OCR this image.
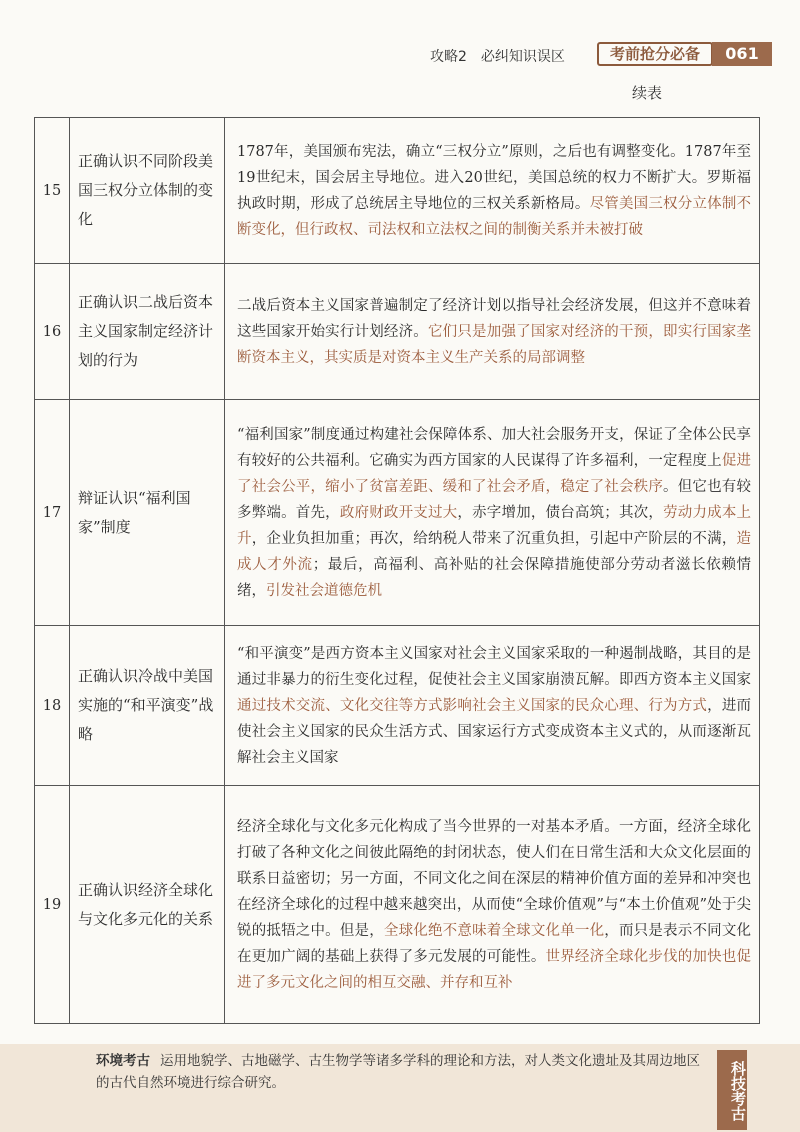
攻略2　必纠知识误区	考前抢分必备	061
续表
15	正确认识不同阶段美国三权分立体制的变化	1787年，美国颁布宪法，确立“三权分立”原则，之后也有调整变化。1787年至19世纪末，国会居主导地位。进入20世纪，美国总统的权力不断扩大。罗斯福执政时期，形成了总统居主导地位的三权关系新格局。尽管美国三权分立体制不断变化，但行政权、司法权和立法权之间的制衡关系并未被打破
16	正确认识二战后资本主义国家制定经济计划的行为	二战后资本主义国家普遍制定了经济计划以指导社会经济发展，但这并不意味着这些国家开始实行计划经济。它们只是加强了国家对经济的干预，即实行国家垄断资本主义，其实质是对资本主义生产关系的局部调整
17	辩证认识“福利国家”制度	“福利国家”制度通过构建社会保障体系、加大社会服务开支，保证了全体公民享有较好的公共福利。它确实为西方国家的人民谋得了许多福利，一定程度上促进了社会公平，缩小了贫富差距、缓和了社会矛盾，稳定了社会秩序。但它也有较多弊端。首先，政府财政开支过大，赤字增加，债台高筑；其次，劳动力成本上升，企业负担加重；再次，给纳税人带来了沉重负担，引起中产阶层的不满，造成人才外流；最后，高福利、高补贴的社会保障措施使部分劳动者滋长依赖情绪，引发社会道德危机
18	正确认识冷战中美国实施的“和平演变”战略	“和平演变”是西方资本主义国家对社会主义国家采取的一种遏制战略，其目的是通过非暴力的衍生变化过程，促使社会主义国家崩溃瓦解。即西方资本主义国家通过技术交流、文化交往等方式影响社会主义国家的民众心理、行为方式，进而使社会主义国家的民众生活方式、国家运行方式变成资本主义式的，从而逐渐瓦解社会主义国家
19	正确认识经济全球化与文化多元化的关系	经济全球化与文化多元化构成了当今世界的一对基本矛盾。一方面，经济全球化打破了各种文化之间彼此隔绝的封闭状态，使人们在日常生活和大众文化层面的联系日益密切；另一方面，不同文化之间在深层的精神价值方面的差异和冲突也在经济全球化的过程中越来越突出，从而使“全球价值观”与“本土价值观”处于尖锐的抵牾之中。但是，全球化绝不意味着全球文化单一化，而只是表示不同文化在更加广阔的基础上获得了多元发展的可能性。世界经济全球化步伐的加快也促进了多元文化之间的相互交融、并存和互补
环境考古 运用地貌学、古地磁学、古生物学等诸多学科的理论和方法，对人类文化遗址及其周边地区的古代自然环境进行综合研究。	科技考古
